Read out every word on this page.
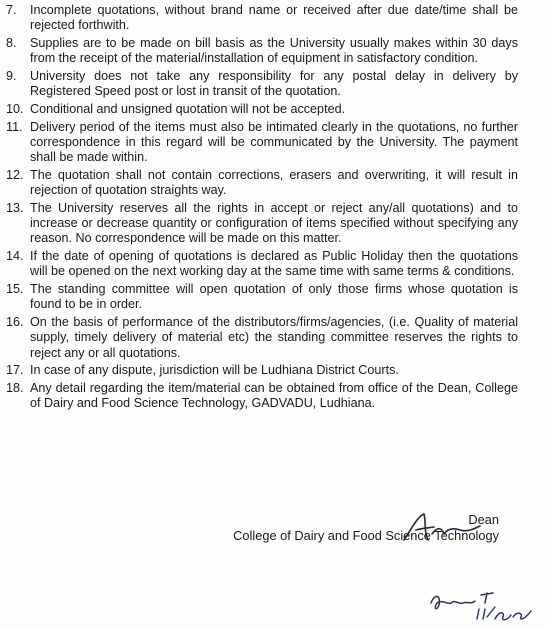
7.	Incomplete quotations, without brand name or received after due date/time shall be rejected forthwith.
8.	Supplies are to be made on bill basis as the University usually makes within 30 days from the receipt of the material/installation of equipment in satisfactory condition.
9.	University does not take any responsibility for any postal delay in delivery by Registered Speed post or lost in transit of the quotation.
10. Conditional and unsigned quotation will not be accepted.
11. Delivery period of the items must also be intimated clearly in the quotations, no further correspondence in this regard will be communicated by the University. The payment shall be made within.
12. The quotation shall not contain corrections, erasers and overwriting, it will result in rejection of quotation straights way.
13. The University reserves all the rights in accept or reject any/all quotations) and to increase or decrease quantity or configuration of items specified without specifying any reason. No correspondence will be made on this matter.
14. If the date of opening of quotations is declared as Public Holiday then the quotations will be opened on the next working day at the same time with same terms & conditions.
15. The standing committee will open quotation of only those firms whose quotation is found to be in order.
16. On the basis of performance of the distributors/firms/agencies, (i.e. Quality of material supply, timely delivery of material etc) the standing committee reserves the rights to reject any or all quotations.
17. In case of any dispute, jurisdiction will be Ludhiana District Courts.
18. Any detail regarding the item/material can be obtained from office of the Dean, College of Dairy and Food Science Technology, GADVADU, Ludhiana.
Dean
College of Dairy and Food Science Technology
